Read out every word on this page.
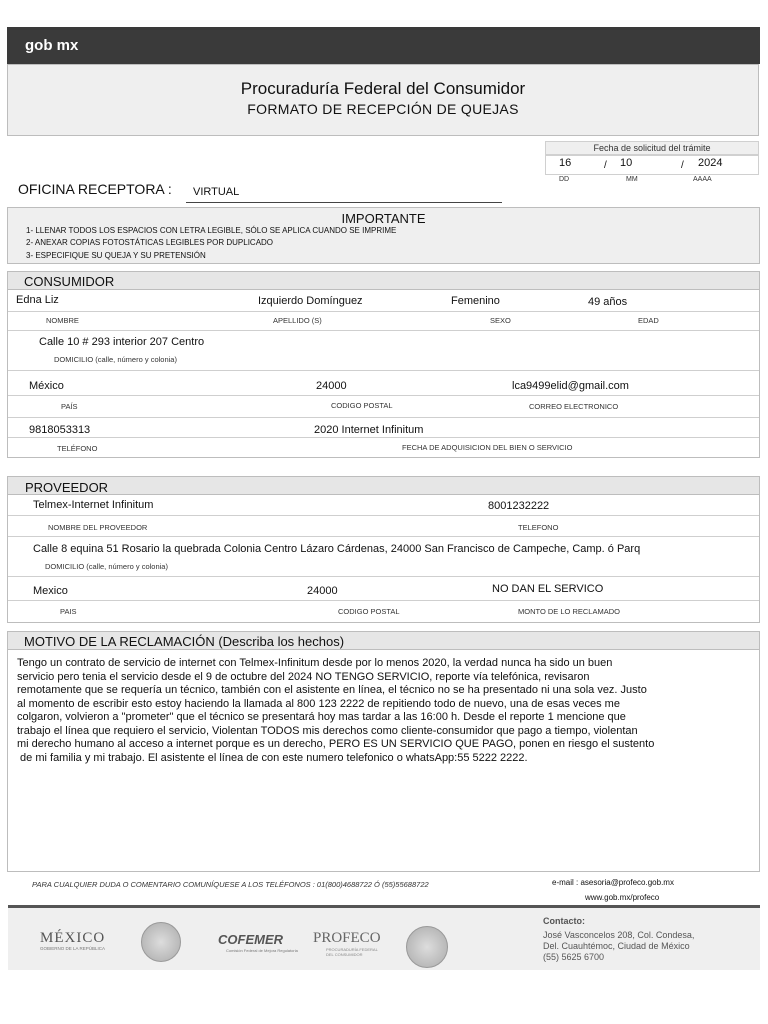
gob mx
Procuraduría Federal del Consumidor
FORMATO DE RECEPCIÓN DE QUEJAS
Fecha de solicitud del trámite
16	/ 10	/ 2024
DD	MM	AAAA
OFICINA RECEPTORA : VIRTUAL
IMPORTANTE
1- LLENAR TODOS LOS ESPACIOS CON LETRA LEGIBLE, SÓLO SE APLICA CUANDO SE IMPRIME
2- ANEXAR COPIAS FOTOSTÁTICAS LEGIBLES POR DUPLICADO
3- ESPECIFIQUE SU QUEJA Y SU PRETENSIÓN
CONSUMIDOR
Edna Liz	Izquierdo Domínguez	Femenino	49 años
NOMBRE	APELLIDO (S)	SEXO	EDAD
Calle 10 # 293 interior 207 Centro
DOMICILIO (calle, número y colonia)
México	24000	lca9499elid@gmail.com
PAÍS	CODIGO POSTAL	CORREO ELECTRONICO
9818053313	2020 Internet Infinitum
TELÉFONO	FECHA DE ADQUISICION DEL BIEN O SERVICIO
PROVEEDOR
Telmex-Internet Infinitum	8001232222
NOMBRE DEL PROVEEDOR	TELEFONO
Calle 8 equina 51 Rosario la quebrada Colonia Centro Lázaro Cárdenas, 24000 San Francisco de Campeche, Camp. ó Parq
DOMICILIO (calle, número y colonia)
Mexico	24000	NO DAN EL SERVICO
PAIS	CODIGO POSTAL	MONTO DE LO RECLAMADO
MOTIVO DE LA RECLAMACIÓN (Describa los hechos)
Tengo un contrato de servicio de internet con Telmex-Infinitum desde por lo menos 2020, la verdad nunca ha sido un buen
servicio pero tenia el servicio desde el 9 de octubre del 2024 NO TENGO SERVICIO, reporte vía telefónica, revisaron
remotamente que se requería un técnico, también con el asistente en línea, el técnico no se ha presentado ni una sola vez. Justo
al momento de escribir esto estoy haciendo la llamada al 800 123 2222 de repitiendo todo de nuevo, una de esas veces me
colgaron, volvieron a "prometer" que el técnico se presentará hoy mas tardar a las 16:00 h. Desde el reporte 1 mencione que
trabajo el línea que requiero el servicio, Violentan TODOS mis derechos como cliente-consumidor que pago a tiempo, violentan
mi derecho humano al acceso a internet porque es un derecho, PERO ES UN SERVICIO QUE PAGO, ponen en riesgo el sustento
de mi familia y mi trabajo. El asistente el línea de con este numero telefonico o whatsApp:55 5222 2222.
PARA CUALQUIER DUDA O COMENTARIO COMUNÍQUESE A LOS TELÉFONOS : 01(800)4688722 Ó (55)55688722	e-mail : asesoria@profeco.gob.mx
www.gob.mx/profeco
MÉXICO
GOBIERNO DE LA REPÚBLICA
COFEMER
Comisión Federal de Mejora Regulatoria
PROFECO
PROCURADURÍA FEDERAL DEL CONSUMIDOR
Contacto:
José Vasconcelos 208, Col. Condesa,
Del. Cuauhtémoc, Ciudad de México
(55) 5625 6700
